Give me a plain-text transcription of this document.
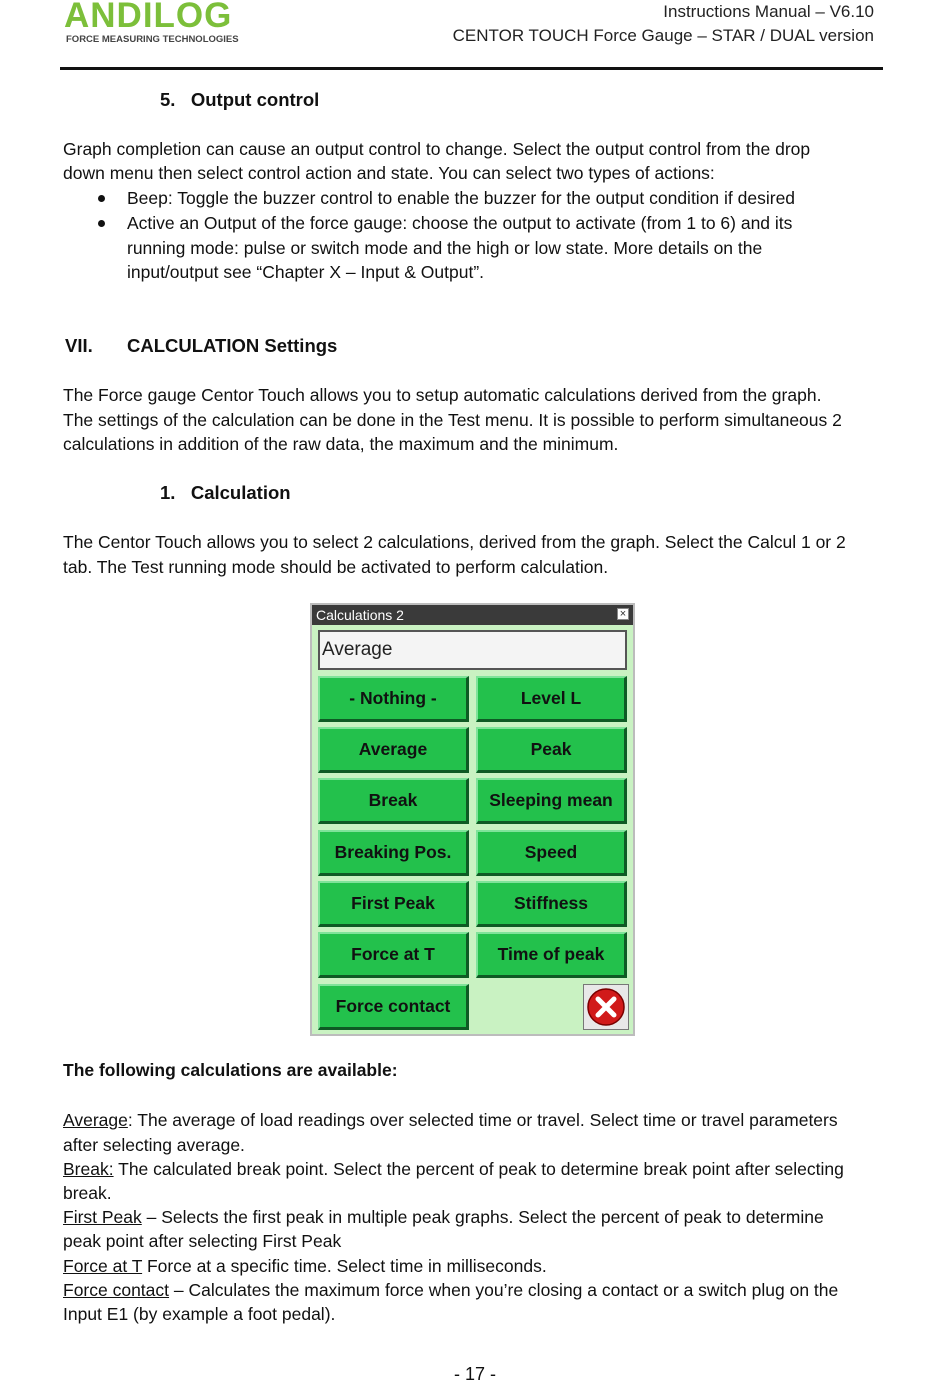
ANDILOG
FORCE MEASURING TECHNOLOGIES
Instructions Manual – V6.10
CENTOR TOUCH Force Gauge – STAR / DUAL version
5.   Output control
Graph completion can cause an output control to change. Select the output control from the drop
down menu then select control action and state. You can select two types of actions:
Beep: Toggle the buzzer control to enable the buzzer for the output condition if desired
Active an Output of the force gauge: choose the output to activate (from 1 to 6) and its
running mode: pulse or switch mode and the high or low state. More details on the
input/output see “Chapter X – Input & Output”.
VII. CALCULATION Settings
The Force gauge Centor Touch allows you to setup automatic calculations derived from the graph.
The settings of the calculation can be done in the Test menu. It is possible to perform simultaneous 2
calculations in addition of the raw data, the maximum and the minimum.
1.   Calculation
The Centor Touch allows you to select 2 calculations, derived from the graph. Select the Calcul 1 or 2
tab. The Test running mode should be activated to perform calculation.
Calculations 2	×
Average
- Nothing -	Level L
Average	Peak
Break	Sleeping mean
Breaking Pos.	Speed
First Peak	Stiffness
Force at T	Time of peak
Force contact
The following calculations are available:
Average: The average of load readings over selected time or travel. Select time or travel parameters
after selecting average.
Break: The calculated break point. Select the percent of peak to determine break point after selecting
break.
First Peak – Selects the first peak in multiple peak graphs. Select the percent of peak to determine
peak point after selecting First Peak
Force at T Force at a specific time. Select time in milliseconds.
Force contact – Calculates the maximum force when you’re closing a contact or a switch plug on the
Input E1 (by example a foot pedal).
- 17 -
